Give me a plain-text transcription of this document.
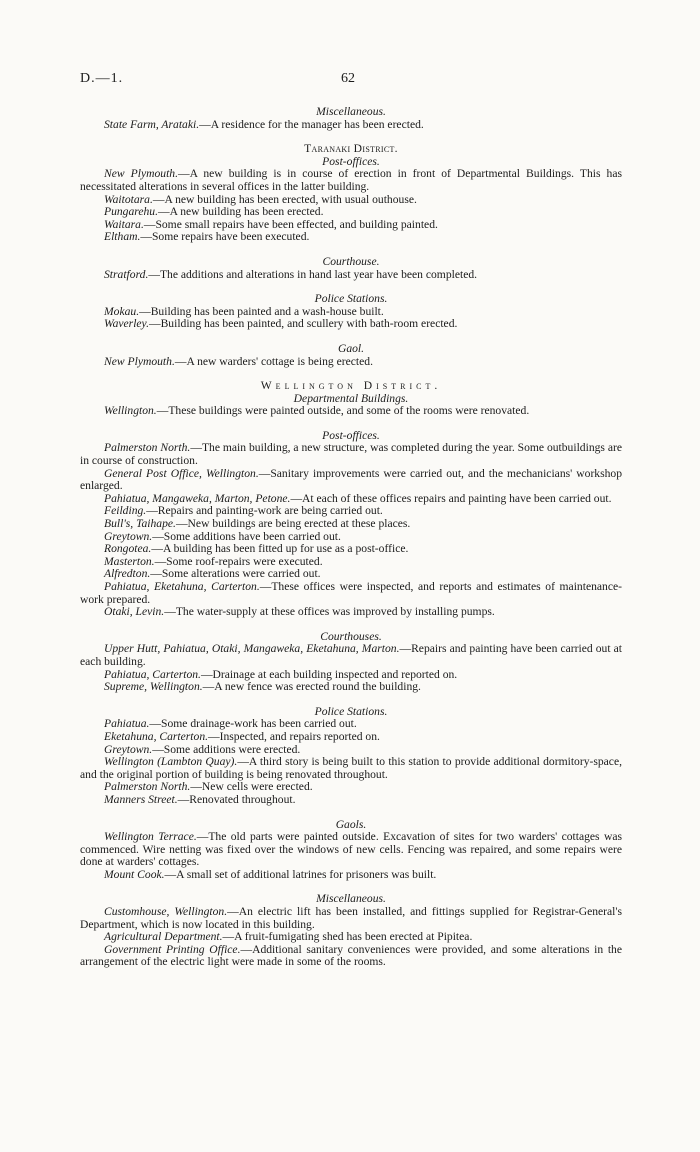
D.—1.	62

Miscellaneous.

State Farm, Arataki.—A residence for the manager has been erected.

Taranaki District.

Post-offices.

New Plymouth.—A new building is in course of erection in front of Departmental Buildings. This has necessitated alterations in several offices in the latter building.

Waitotara.—A new building has been erected, with usual outhouse.

Pungarehu.—A new building has been erected.

Waitara.—Some small repairs have been effected, and building painted.

Eltham.—Some repairs have been executed.

Courthouse.

Stratford.—The additions and alterations in hand last year have been completed.

Police Stations.

Mokau.—Building has been painted and a wash-house built.

Waverley.—Building has been painted, and scullery with bath-room erected.

Gaol.

New Plymouth.—A new warders' cottage is being erected.

Wellington District.

Departmental Buildings.

Wellington.—These buildings were painted outside, and some of the rooms were renovated.

Post-offices.

Palmerston North.—The main building, a new structure, was completed during the year. Some outbuildings are in course of construction.

General Post Office, Wellington.—Sanitary improvements were carried out, and the mechanicians' workshop enlarged.

Pahiatua, Mangaweka, Marton, Petone.—At each of these offices repairs and painting have been carried out.

Feilding.—Repairs and painting-work are being carried out.

Bull's, Taihape.—New buildings are being erected at these places.

Greytown.—Some additions have been carried out.

Rongotea.—A building has been fitted up for use as a post-office.

Masterton.—Some roof-repairs were executed.

Alfredton.—Some alterations were carried out.

Pahiatua, Eketahuna, Carterton.—These offices were inspected, and reports and estimates of maintenance-work prepared.

Otaki, Levin.—The water-supply at these offices was improved by installing pumps.

Courthouses.

Upper Hutt, Pahiatua, Otaki, Mangaweka, Eketahuna, Marton.—Repairs and painting have been carried out at each building.

Pahiatua, Carterton.—Drainage at each building inspected and reported on.

Supreme, Wellington.—A new fence was erected round the building.

Police Stations.

Pahiatua.—Some drainage-work has been carried out.

Eketahuna, Carterton.—Inspected, and repairs reported on.

Greytown.—Some additions were erected.

Wellington (Lambton Quay).—A third story is being built to this station to provide additional dormitory-space, and the original portion of building is being renovated throughout.

Palmerston North.—New cells were erected.

Manners Street.—Renovated throughout.

Gaols.

Wellington Terrace.—The old parts were painted outside. Excavation of sites for two warders' cottages was commenced. Wire netting was fixed over the windows of new cells. Fencing was repaired, and some repairs were done at warders' cottages.

Mount Cook.—A small set of additional latrines for prisoners was built.

Miscellaneous.

Customhouse, Wellington.—An electric lift has been installed, and fittings supplied for Registrar-General's Department, which is now located in this building.

Agricultural Department.—A fruit-fumigating shed has been erected at Pipitea.

Government Printing Office.—Additional sanitary conveniences were provided, and some alterations in the arrangement of the electric light were made in some of the rooms.
